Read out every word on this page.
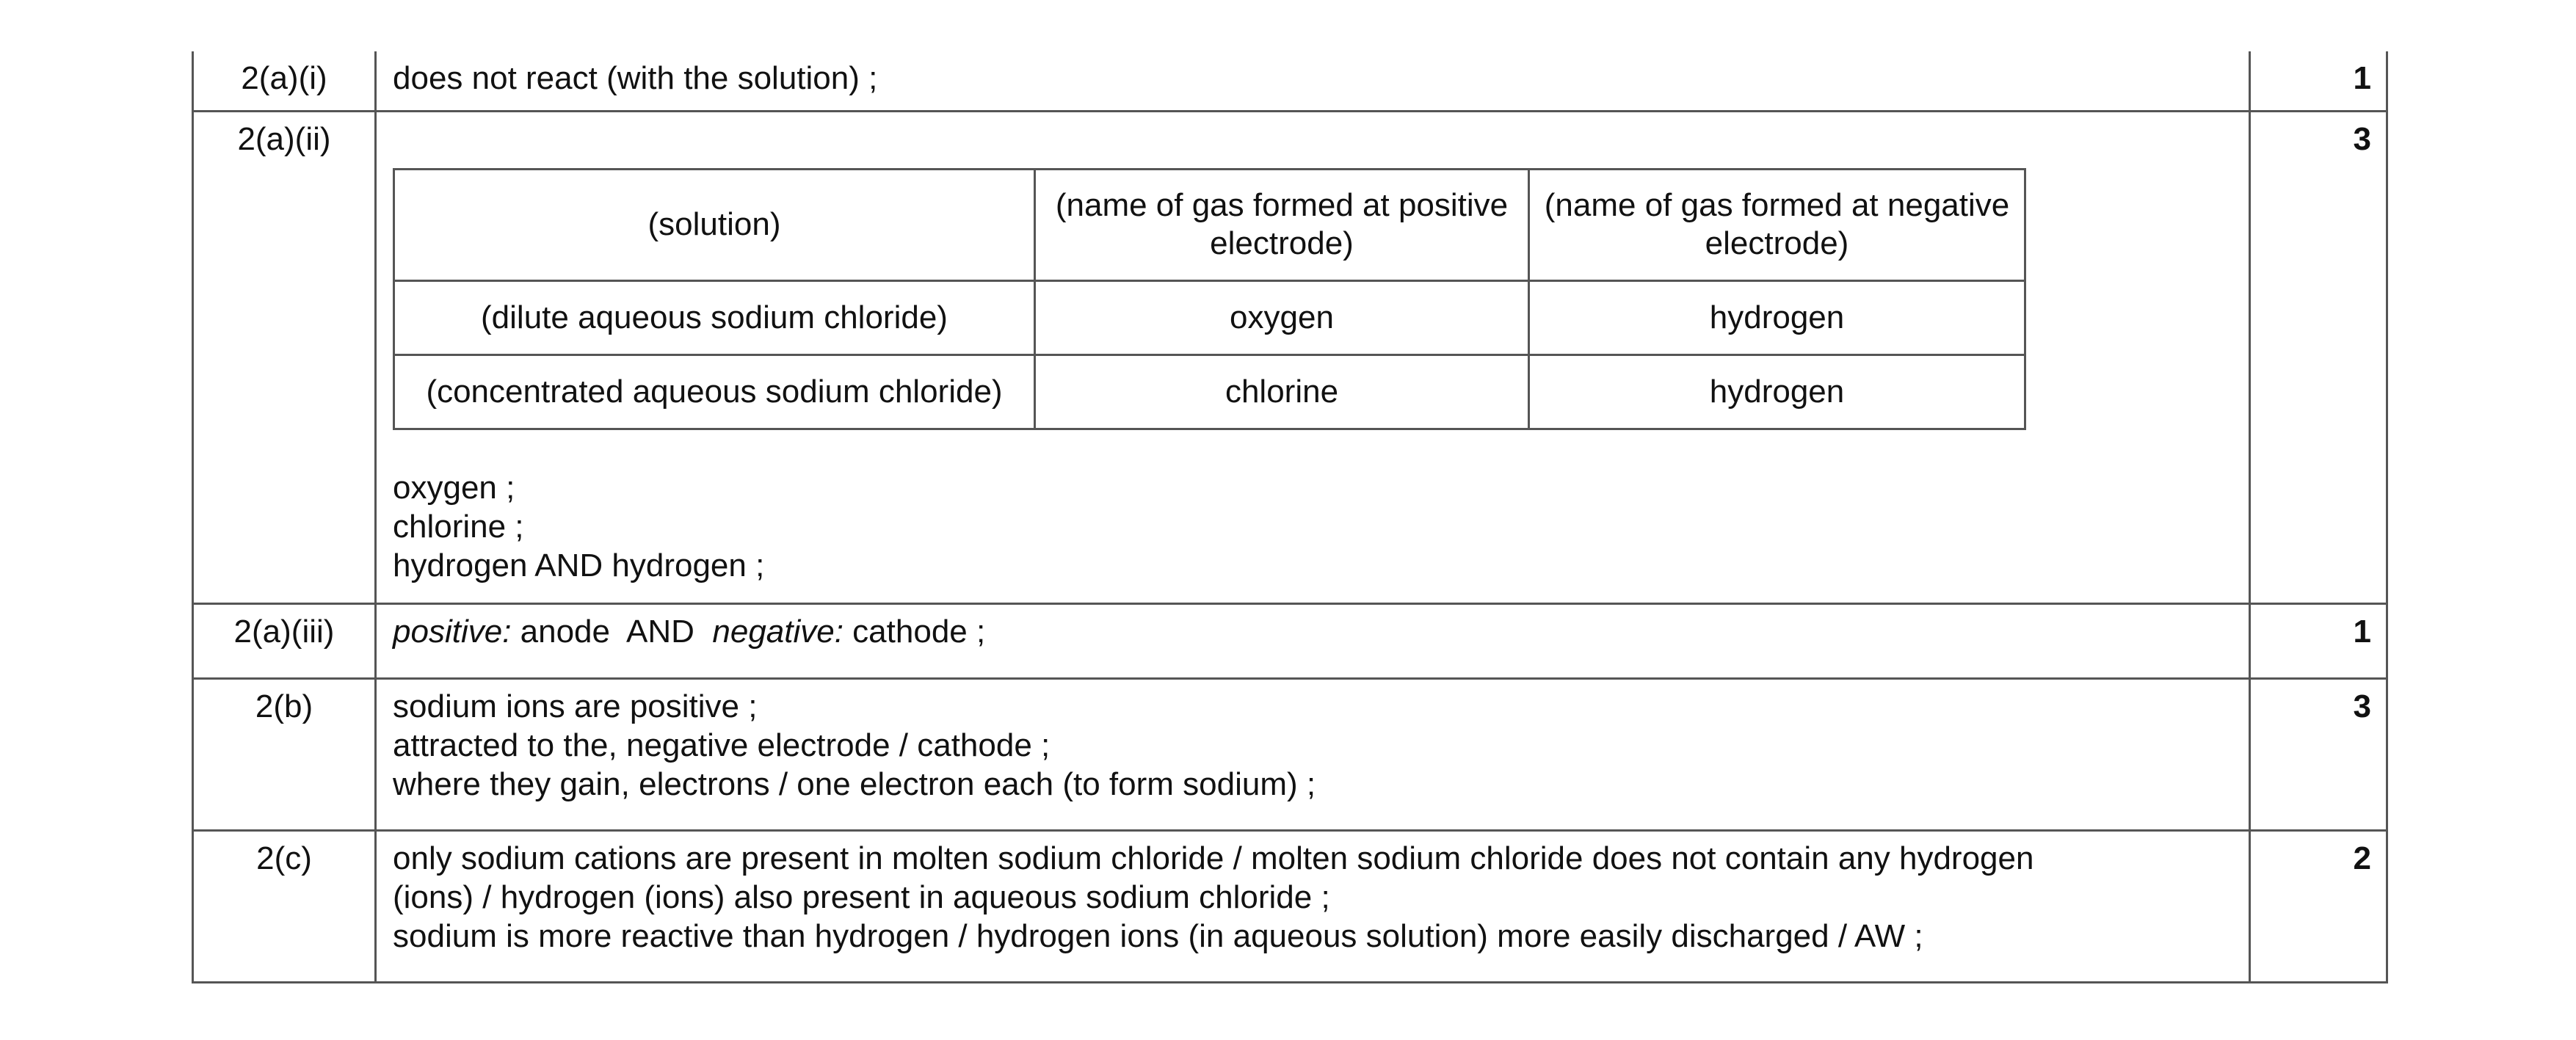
2(a)(i)	does not react (with the solution) ;	1
2(a)(ii)	
(solution)	(name of gas formed at positive electrode)	(name of gas formed at negative electrode)
(dilute aqueous sodium chloride)	oxygen	hydrogen
(concentrated aqueous sodium chloride)	chlorine	hydrogen
oxygen ;
chlorine ;
hydrogen AND hydrogen ;
	3
2(a)(iii)	positive: anode  AND  negative: cathode ;	1
2(b)	sodium ions are positive ;
attracted to the, negative electrode / cathode ;
where they gain, electrons / one electron each (to form sodium) ;
	3
2(c)	only sodium cations are present in molten sodium chloride / molten sodium chloride does not contain any hydrogen
(ions) / hydrogen (ions) also present in aqueous sodium chloride ;
sodium is more reactive than hydrogen / hydrogen ions (in aqueous solution) more easily discharged / AW ;
	2
